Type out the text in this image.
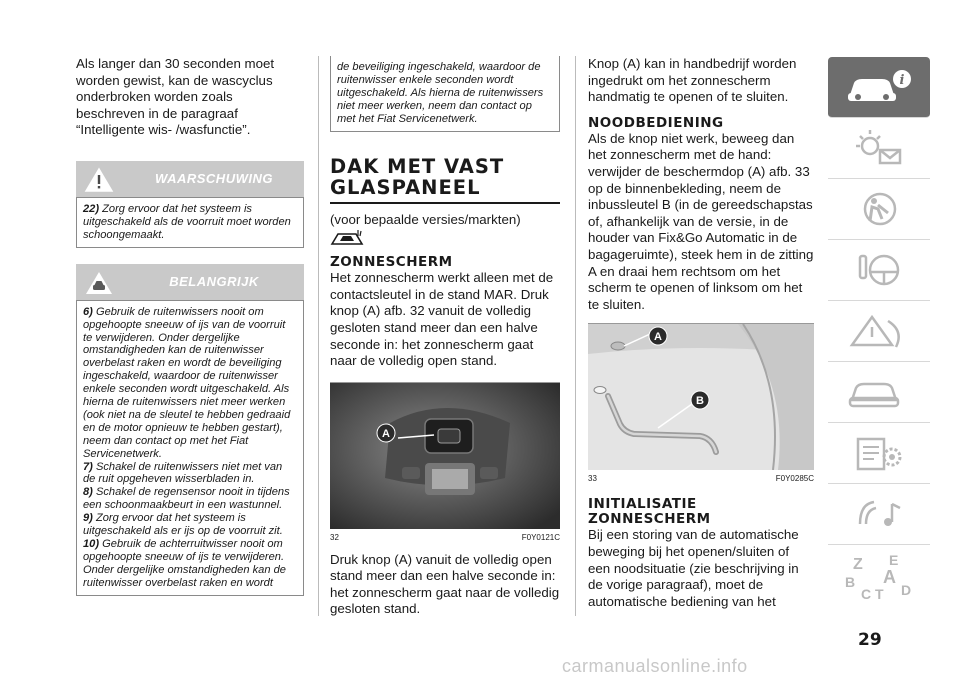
Als langer dan 30 seconden moet worden gewist, kan de wascyclus onderbroken worden zoals beschreven in de paragraaf “Intelligente wis- /wasfunctie”.

WAARSCHUWING
22) Zorg ervoor dat het systeem is uitgeschakeld als de voorruit moet worden schoongemaakt.
BELANGRIJK
6) Gebruik de ruitenwissers nooit om opgehoopte sneeuw of ijs van de voorruit te verwijderen. Onder dergelijke omstandigheden kan de ruitenwisser overbelast raken en wordt de beveiliging ingeschakeld, waardoor de ruitenwisser enkele seconden wordt uitgeschakeld. Als hierna de ruitenwissers niet meer werken (ook niet na de sleutel te hebben gedraaid en de motor opnieuw te hebben gestart), neem dan contact op met het Fiat Servicenetwerk.
7) Schakel de ruitenwissers niet met van de ruit opgeheven wisserbladen in.
8) Schakel de regensensor nooit in tijdens een schoonmaakbeurt in een wastunnel.
9) Zorg ervoor dat het systeem is uitgeschakeld als er ijs op de voorruit zit.
10) Gebruik de achterruitwisser nooit om opgehoopte sneeuw of ijs te verwijderen. Onder dergelijke omstandigheden kan de ruitenwisser overbelast raken en wordt
de beveiliging ingeschakeld, waardoor de ruitenwisser enkele seconden wordt uitgeschakeld. Als hierna de ruitenwissers niet meer werken, neem dan contact op met het Fiat Servicenetwerk.
DAK MET VAST
GLASPANEEL

(voor bepaalde versies/markten)

ZONNESCHERM

Het zonnescherm werkt alleen met de contactsleutel in de stand MAR. Druk knop (A) afb. 32 vanuit de volledig gesloten stand meer dan een halve seconde in: het zonnescherm gaat naar de volledig open stand.

A
32	F0Y0121C

Druk knop (A) vanuit de volledig open stand meer dan een halve seconde in: het zonnescherm gaat naar de volledig gesloten stand.

Knop (A) kan in handbedrijf worden ingedrukt om het zonnescherm handmatig te openen of te sluiten.

NOODBEDIENING

Als de knop niet werk, beweeg dan het zonnescherm met de hand: verwijder de beschermdop (A) afb. 33 op de binnenbekleding, neem de inbussleutel B (in de gereedschapstas of, afhankelijk van de versie, in de houder van Fix&Go Automatic in de bagageruimte), steek hem in de zitting A en draai hem rechtsom om het scherm te openen of linksom om het te sluiten.

A
B
33	F0Y0285C
INITIALISATIE
ZONNESCHERM

Bij een storing van de automatische beweging bij het openen/sluiten of een noodsituatie (zie beschrijving in de vorige paragraaf), moet de automatische bediening van het

i
Z E
B A
C T D
29
carmanualsonline.info
